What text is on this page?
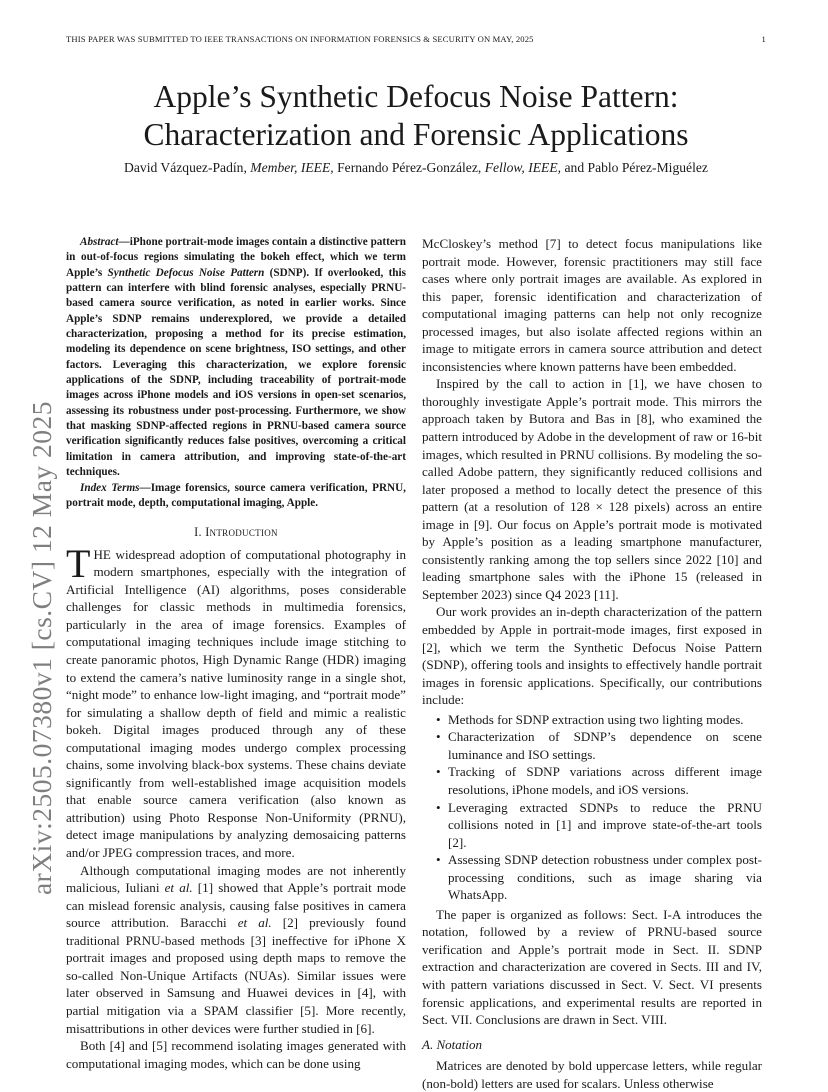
THIS PAPER WAS SUBMITTED TO IEEE TRANSACTIONS ON INFORMATION FORENSICS & SECURITY ON MAY, 2025	1
arXiv:2505.07380v1 [cs.CV] 12 May 2025
Apple’s Synthetic Defocus Noise Pattern:
Characterization and Forensic Applications
David Vázquez-Padín, Member, IEEE, Fernando Pérez-González, Fellow, IEEE, and Pablo Pérez-Miguélez

Abstract—iPhone portrait-mode images contain a distinctive pattern in out-of-focus regions simulating the bokeh effect, which we term Apple’s Synthetic Defocus Noise Pattern (SDNP). If overlooked, this pattern can interfere with blind forensic analyses, especially PRNU-based camera source verification, as noted in earlier works. Since Apple’s SDNP remains underexplored, we provide a detailed characterization, proposing a method for its precise estimation, modeling its dependence on scene brightness, ISO settings, and other factors. Leveraging this characterization, we explore forensic applications of the SDNP, including traceability of portrait-mode images across iPhone models and iOS versions in open-set scenarios, assessing its robustness under post-processing. Furthermore, we show that masking SDNP-affected regions in PRNU-based camera source verification significantly reduces false positives, overcoming a critical limitation in camera attribution, and improving state-of-the-art techniques.

Index Terms—Image forensics, source camera verification, PRNU, portrait mode, depth, computational imaging, Apple.

I. Introduction

THE widespread adoption of computational photography in modern smartphones, especially with the integration of Artificial Intelligence (AI) algorithms, poses considerable challenges for classic methods in multimedia forensics, particularly in the area of image forensics. Examples of computational imaging techniques include image stitching to create panoramic photos, High Dynamic Range (HDR) imaging to extend the camera’s native luminosity range in a single shot, “night mode” to enhance low-light imaging, and “portrait mode” for simulating a shallow depth of field and mimic a realistic bokeh. Digital images produced through any of these computational imaging modes undergo complex processing chains, some involving black-box systems. These chains deviate significantly from well-established image acquisition models that enable source camera verification (also known as attribution) using Photo Response Non-Uniformity (PRNU), detect image manipulations by analyzing demosaicing patterns and/or JPEG compression traces, and more.

Although computational imaging modes are not inherently malicious, Iuliani et al. [1] showed that Apple’s portrait mode can mislead forensic analysis, causing false positives in camera source attribution. Baracchi et al. [2] previously found traditional PRNU-based methods [3] ineffective for iPhone X portrait images and proposed using depth maps to remove the so-called Non-Unique Artifacts (NUAs). Similar issues were later observed in Samsung and Huawei devices in [4], with partial mitigation via a SPAM classifier [5]. More recently, misattributions in other devices were further studied in [6].

Both [4] and [5] recommend isolating images generated with computational imaging modes, which can be done using

McCloskey’s method [7] to detect focus manipulations like portrait mode. However, forensic practitioners may still face cases where only portrait images are available. As explored in this paper, forensic identification and characterization of computational imaging patterns can help not only recognize processed images, but also isolate affected regions within an image to mitigate errors in camera source attribution and detect inconsistencies where known patterns have been embedded.

Inspired by the call to action in [1], we have chosen to thoroughly investigate Apple’s portrait mode. This mirrors the approach taken by Butora and Bas in [8], who examined the pattern introduced by Adobe in the development of raw or 16-bit images, which resulted in PRNU collisions. By modeling the so-called Adobe pattern, they significantly reduced collisions and later proposed a method to locally detect the presence of this pattern (at a resolution of 128 × 128 pixels) across an entire image in [9]. Our focus on Apple’s portrait mode is motivated by Apple’s position as a leading smartphone manufacturer, consistently ranking among the top sellers since 2022 [10] and leading smartphone sales with the iPhone 15 (released in September 2023) since Q4 2023 [11].

Our work provides an in-depth characterization of the pattern embedded by Apple in portrait-mode images, first exposed in [2], which we term the Synthetic Defocus Noise Pattern (SDNP), offering tools and insights to effectively handle portrait images in forensic applications. Specifically, our contributions include:

• Methods for SDNP extraction using two lighting modes.
• Characterization of SDNP’s dependence on scene luminance and ISO settings.
• Tracking of SDNP variations across different image resolutions, iPhone models, and iOS versions.
• Leveraging extracted SDNPs to reduce the PRNU collisions noted in [1] and improve state-of-the-art tools [2].
• Assessing SDNP detection robustness under complex post-processing conditions, such as image sharing via WhatsApp.

The paper is organized as follows: Sect. I-A introduces the notation, followed by a review of PRNU-based source verification and Apple’s portrait mode in Sect. II. SDNP extraction and characterization are covered in Sects. III and IV, with pattern variations discussed in Sect. V. Sect. VI presents forensic applications, and experimental results are reported in Sect. VII. Conclusions are drawn in Sect. VIII.

A. Notation

Matrices are denoted by bold uppercase letters, while regular (non-bold) letters are used for scalars. Unless otherwise
